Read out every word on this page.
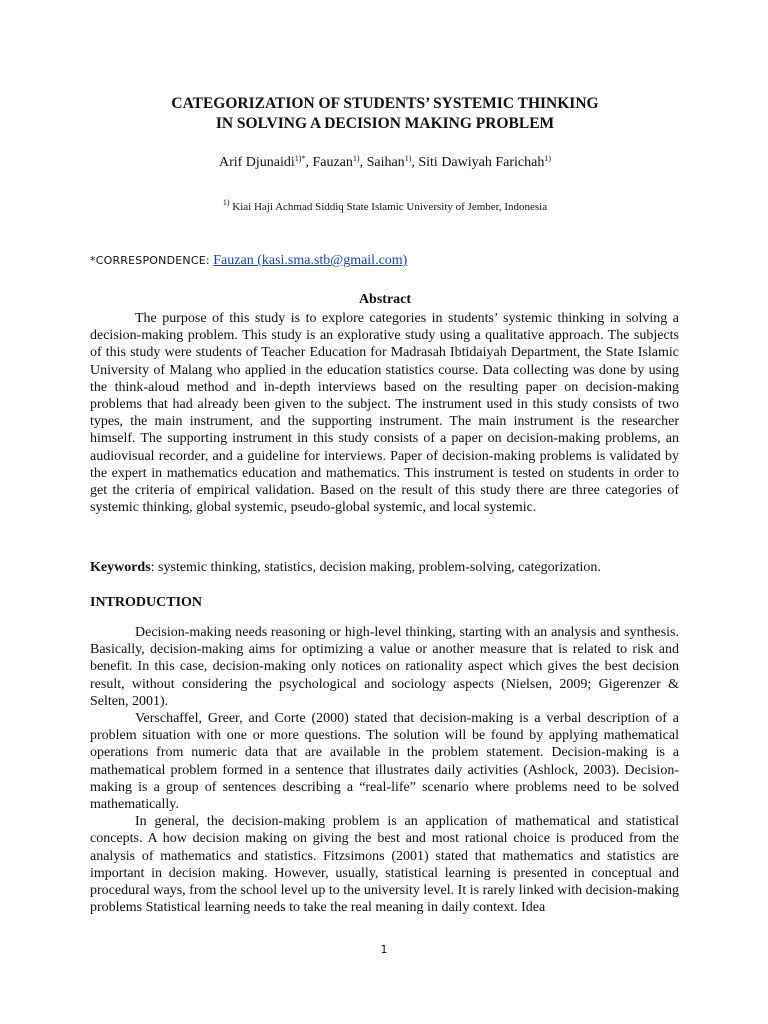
CATEGORIZATION OF STUDENTS’ SYSTEMIC THINKING
IN SOLVING A DECISION MAKING PROBLEM
Arif Djunaidi$^{1)*}$, Fauzan$^{1)}$, Saihan$^{1)}$, Siti Dawiyah Farichah$^{1)}$
$^{1)}$ Kiai Haji Achmad Siddiq State Islamic University of Jember, Indonesia
*CORRESPONDENCE: Fauzan (kasi.sma.stb@gmail.com)
Abstract

The purpose of this study is to explore categories in students’ systemic thinking in solving a decision-making problem. This study is an explorative study using a qualitative approach. The subjects of this study were students of Teacher Education for Madrasah Ibtidaiyah Department, the State Islamic University of Malang who applied in the education statistics course. Data collecting was done by using the think-aloud method and in-depth interviews based on the resulting paper on decision-making problems that had already been given to the subject. The instrument used in this study consists of two types, the main instrument, and the supporting instrument. The main instrument is the researcher himself. The supporting instrument in this study consists of a paper on decision-making problems, an audiovisual recorder, and a guideline for interviews. Paper of decision-making problems is validated by the expert in mathematics education and mathematics. This instrument is tested on students in order to get the criteria of empirical validation. Based on the result of this study there are three categories of systemic thinking, global systemic, pseudo-global systemic, and local systemic.

Keywords: systemic thinking, statistics, decision making, problem-solving, categorization.

INTRODUCTION

Decision-making needs reasoning or high-level thinking, starting with an analysis and synthesis. Basically, decision-making aims for optimizing a value or another measure that is related to risk and benefit. In this case, decision-making only notices on rationality aspect which gives the best decision result, without considering the psychological and sociology aspects (Nielsen, 2009; Gigerenzer & Selten, 2001).

Verschaffel, Greer, and Corte (2000) stated that decision-making is a verbal description of a problem situation with one or more questions. The solution will be found by applying mathematical operations from numeric data that are available in the problem statement. Decision-making is a mathematical problem formed in a sentence that illustrates daily activities (Ashlock, 2003). Decision-making is a group of sentences describing a “real-life” scenario where problems need to be solved mathematically.

In general, the decision-making problem is an application of mathematical and statistical concepts. A how decision making on giving the best and most rational choice is produced from the analysis of mathematics and statistics. Fitzsimons (2001) stated that mathematics and statistics are important in decision making. However, usually, statistical learning is presented in conceptual and procedural ways, from the school level up to the university level. It is rarely linked with decision-making problems Statistical learning needs to take the real meaning in daily context. Idea

1
